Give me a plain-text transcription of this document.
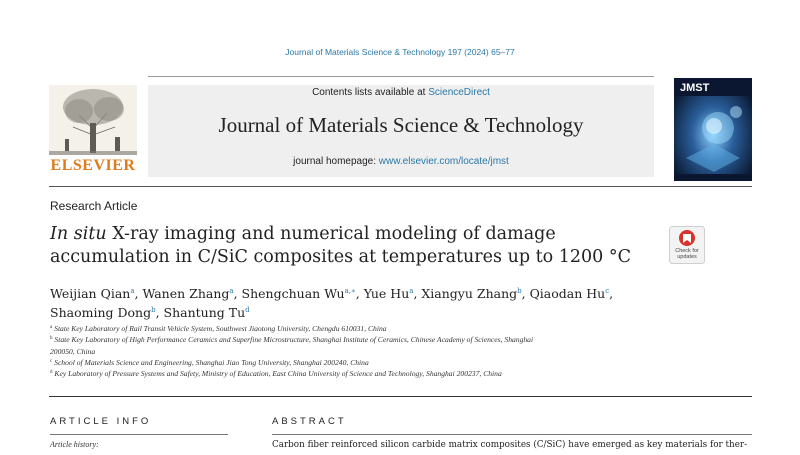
Journal of Materials Science & Technology 197 (2024) 65–77
ELSEVIER
Contents lists available at ScienceDirect
Journal of Materials Science & Technology
journal homepage: www.elsevier.com/locate/jmst
JMST
Research Article
In situ X-ray imaging and numerical modeling of damage
accumulation in C/SiC composites at temperatures up to 1200 °C	Check for
updates
Weijian Qian$^a$, Wanen Zhang$^a$, Shengchuan $Wu^{a,∗}$, Yue Hu$^a$, Xiangyu Zhang$^b$, Qiaodan Hu$^c$,
Shaoming Dong$^b$, Shantung Tu$^d$
$^a$ State Key Laboratory of Rail Transit Vehicle System, Southwest Jiaotong University, Chengdu 610031, China
$^b$ State Key Laboratory of High Performance Ceramics and Superfine Microstructure, Shanghai Institute of Ceramics, Chinese Academy of Sciences, Shanghai
200050, China
$^c$ School of Materials Science and Engineering, Shanghai Jiao Tong University, Shanghai 200240, China
$^d$ Key Laboratory of Pressure Systems and Safety, Ministry of Education, East China University of Science and Technology, Shanghai 200237, China
ARTICLE INFO	ABSTRACT
Article history:	Carbon fiber reinforced silicon carbide matrix composites (C/SiC) have emerged as key materials for ther-
